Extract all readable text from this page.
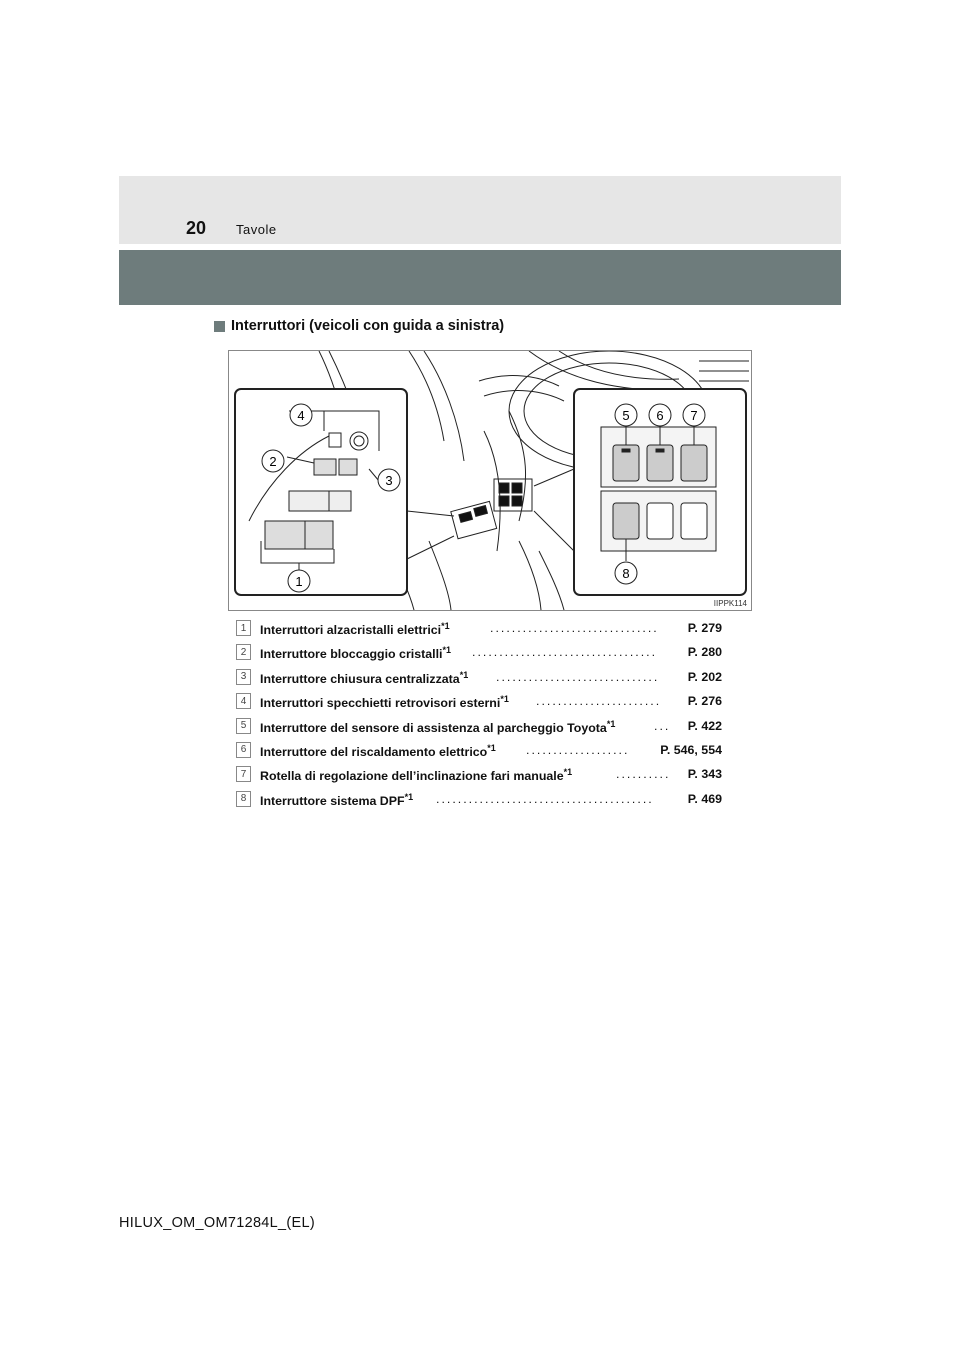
20 Tavole
Interruttori (veicoli con guida a sinistra)
4
2
3
1
5 6 7
8
IIPPK114
1	Interruttori alzacristalli elettrici$^{*1}$	...............................	P. 279
2	Interruttore bloccaggio cristalli$^{*1}$ ..................................	P. 280
3	Interruttore chiusura centralizzata$^{*1}$ ..............................	P. 202
4	Interruttori specchietti retrovisori esterni$^{*1}$ .......................	P. 276
5	Interruttore del sensore di assistenza al parcheggio Toyota$^{*1}$	... P. 422
6	Interruttore del riscaldamento elettrico$^{*1}$ ...................	P. 546, 554
7	Rotella di regolazione dell’inclinazione fari manuale$^{*1}$	.......... P. 343
8	Interruttore sistema DPF$^{*1}$ ........................................	P. 469
HILUX_OM_OM71284L_(EL)
